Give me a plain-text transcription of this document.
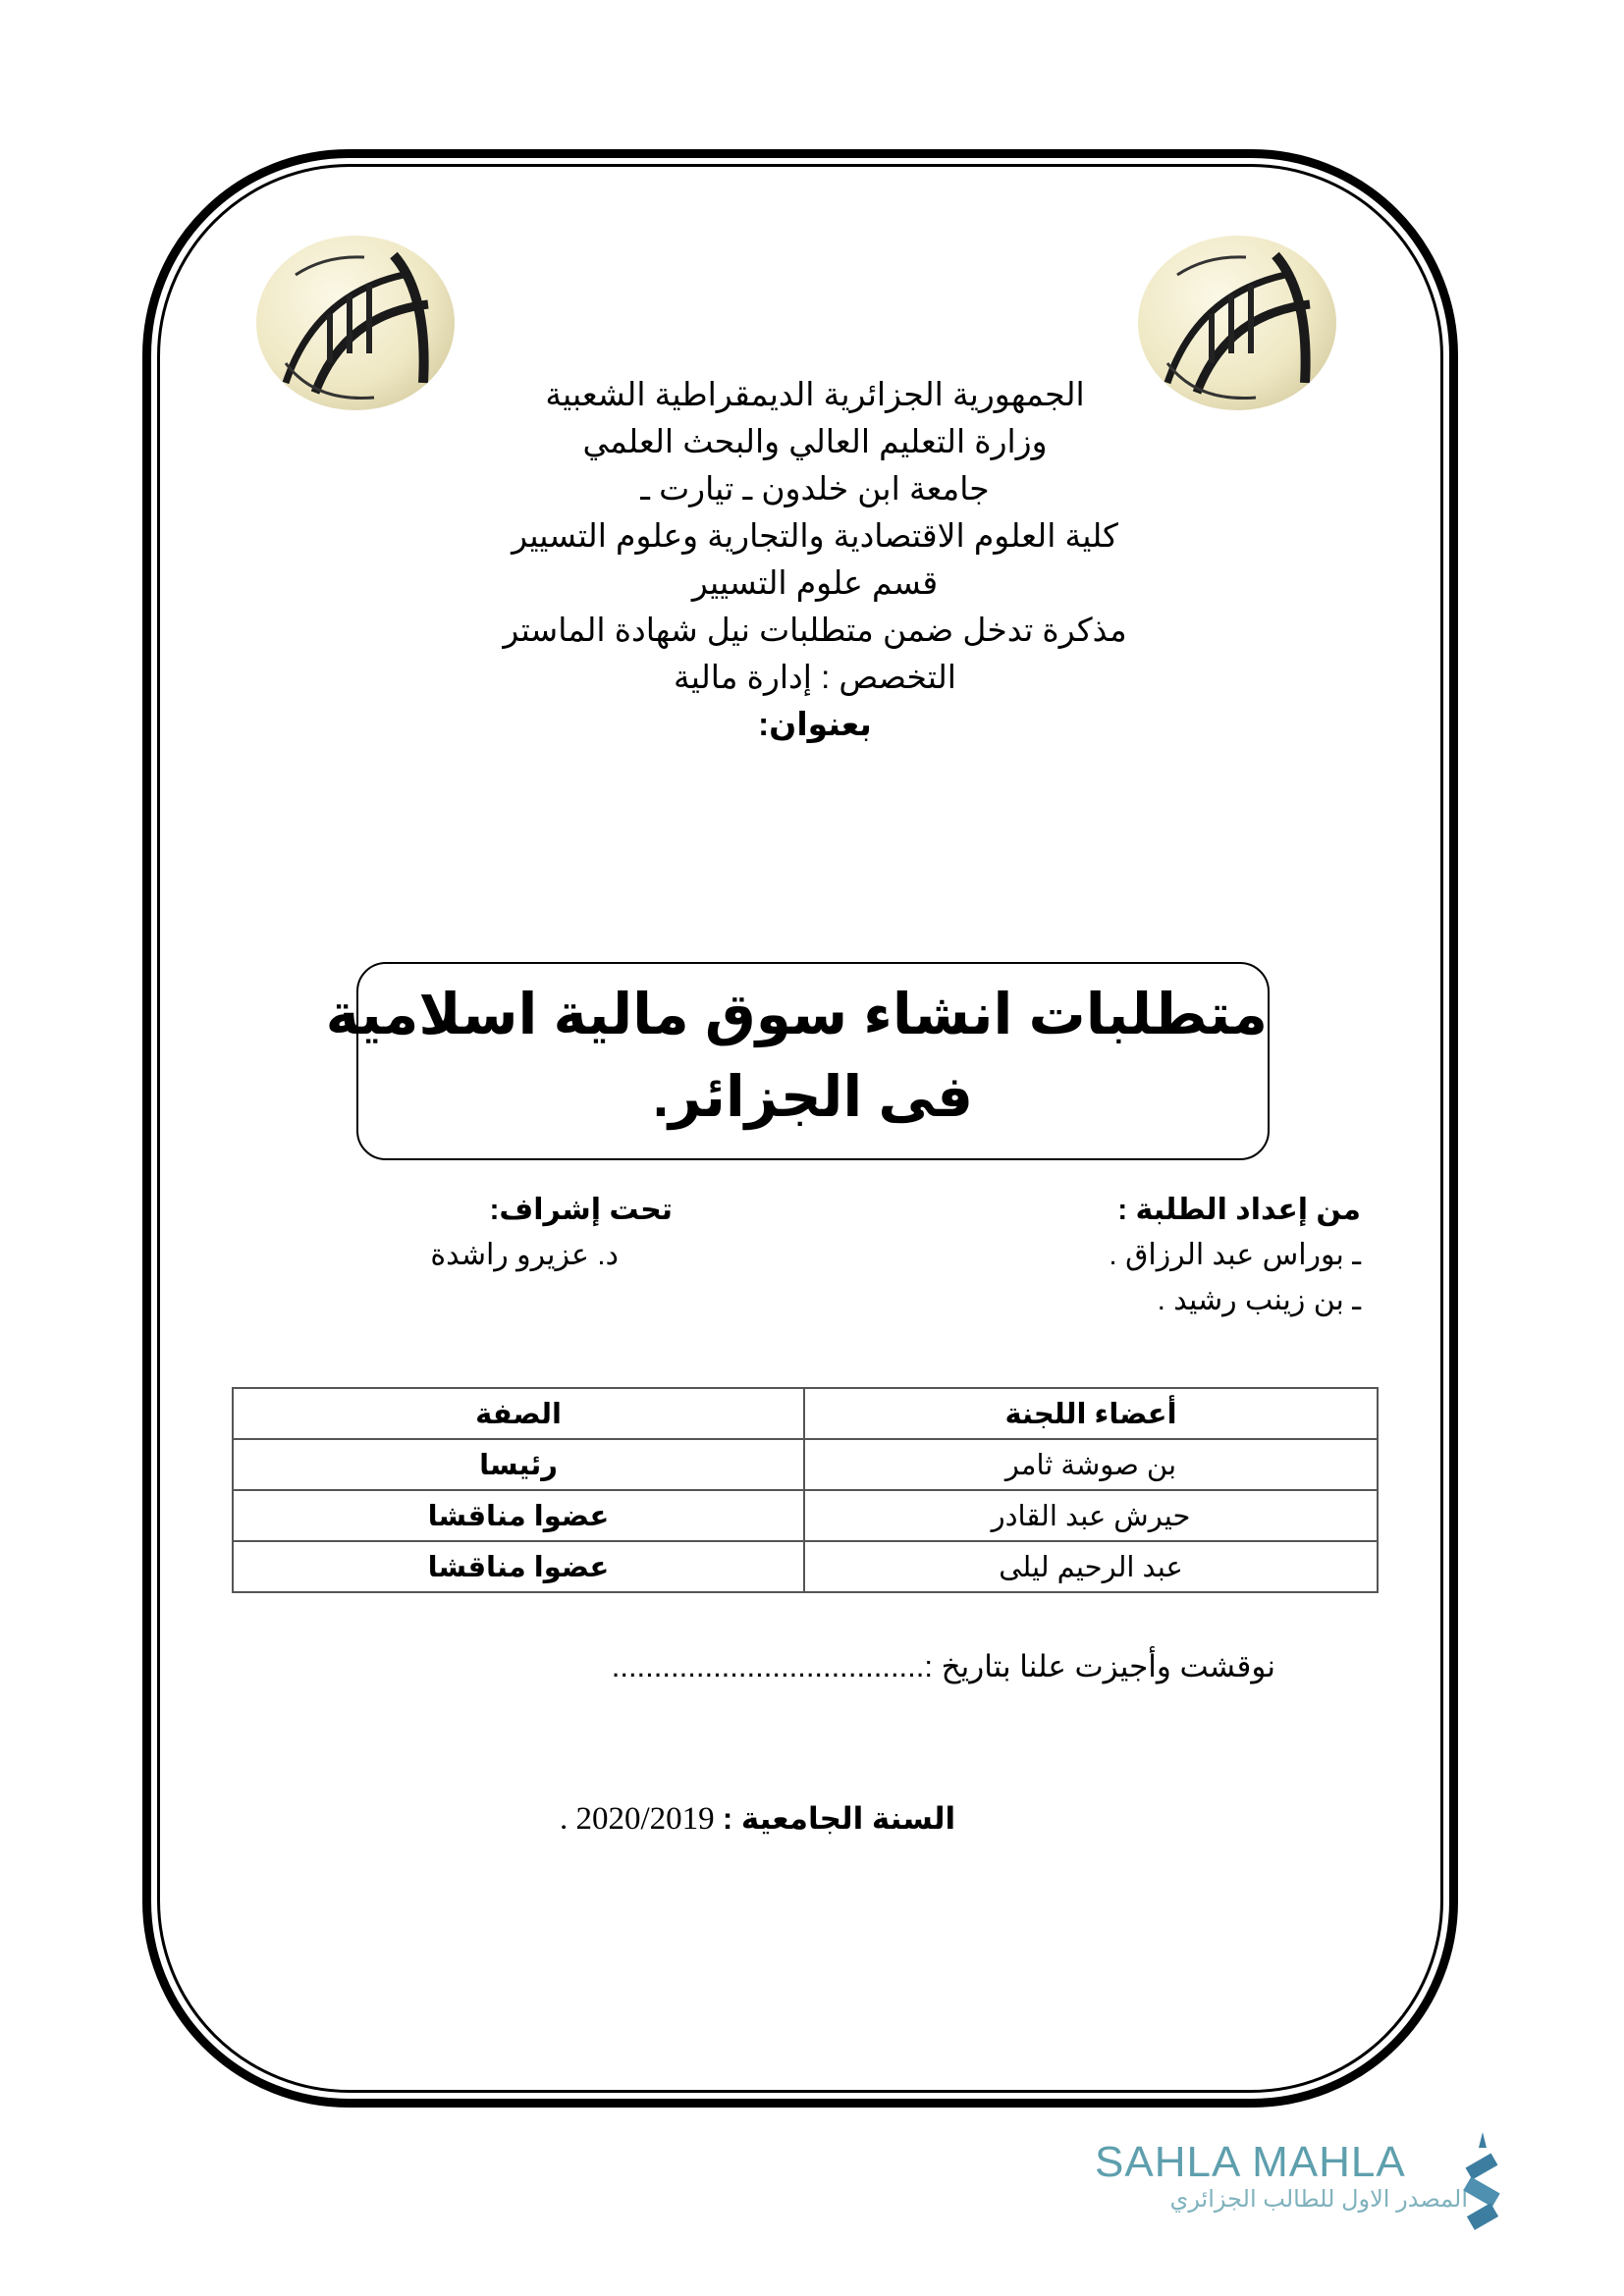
الجمهورية الجزائرية الديمقراطية الشعبية
وزارة التعليم العالي والبحث العلمي
جامعة ابن خلدون ـ تيارت ـ
كلية العلوم الاقتصادية والتجارية وعلوم التسيير
قسم علوم التسيير
مذكرة تدخل ضمن متطلبات نيل شهادة الماستر
التخصص : إدارة مالية
بعنوان:
متطلبات انشاء سوق مالية اسلامية
فى الجزائر.
من إعداد الطلبة :
ـ بوراس عبد الرزاق .
ـ بن زينب رشيد .
تحت إشراف:
د. عزيرو راشدة
أعضاء اللجنة	الصفة
بن صوشة ثامر	رئيسا
حيرش عبد القادر	عضوا مناقشا
عبد الرحيم ليلى	عضوا مناقشا
نوقشت وأجيزت علنا بتاريخ :.....................................
السنة الجامعية : 2020/2019 .
SAHLA MAHLA
المصدر الاول للطالب الجزائري
